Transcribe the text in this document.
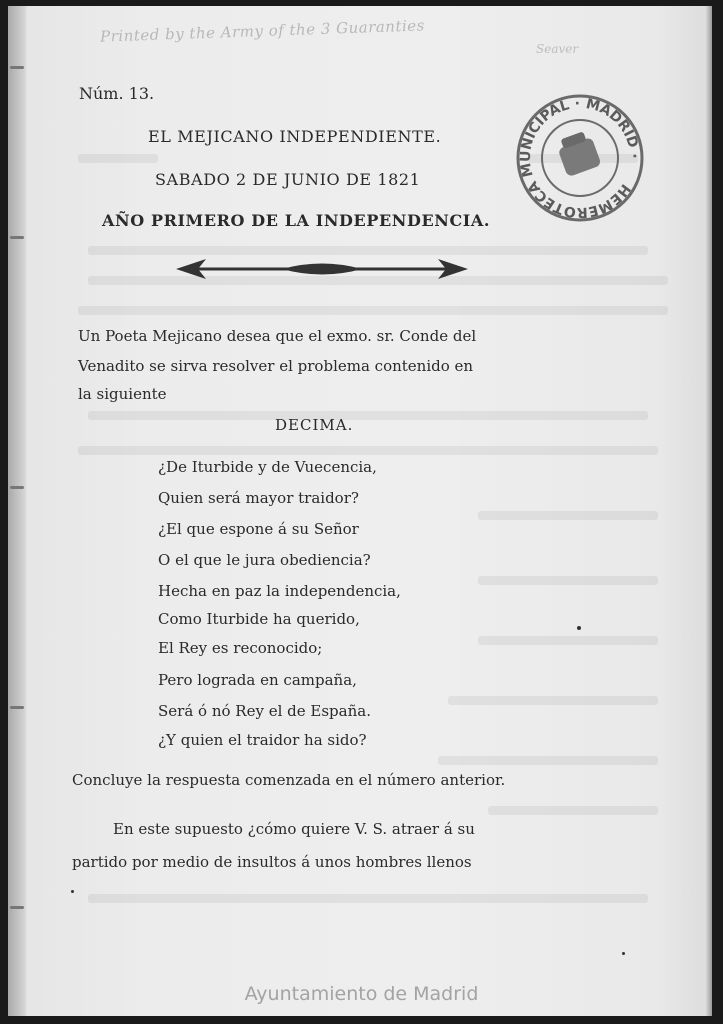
Printed by the Army of the 3 Guaranties
Seaver
Núm. 13.
EL MEJICANO INDEPENDIENTE.
SABADO 2 DE JUNIO DE 1821
AÑO PRIMERO DE LA INDEPENDENCIA.
HEMEROTECA MUNICIPAL · MADRID ·
Un Poeta Mejicano desea que el exmo. sr. Conde del
Venadito se sirva resolver el problema contenido en
la siguiente
DECIMA.
¿De Iturbide y de Vuecencia,
Quien será mayor traidor?
¿El que espone á su Señor
O el que le jura obediencia?
Hecha en paz la independencia,
Como Iturbide ha querido,
El Rey es reconocido;
Pero lograda en campaña,
Será ó nó Rey el de España.
¿Y quien el traidor ha sido?
Concluye la respuesta comenzada en el número anterior.
En este supuesto ¿cómo quiere V. S. atraer á su
partido por medio de insultos á unos hombres llenos
Ayuntamiento de Madrid
